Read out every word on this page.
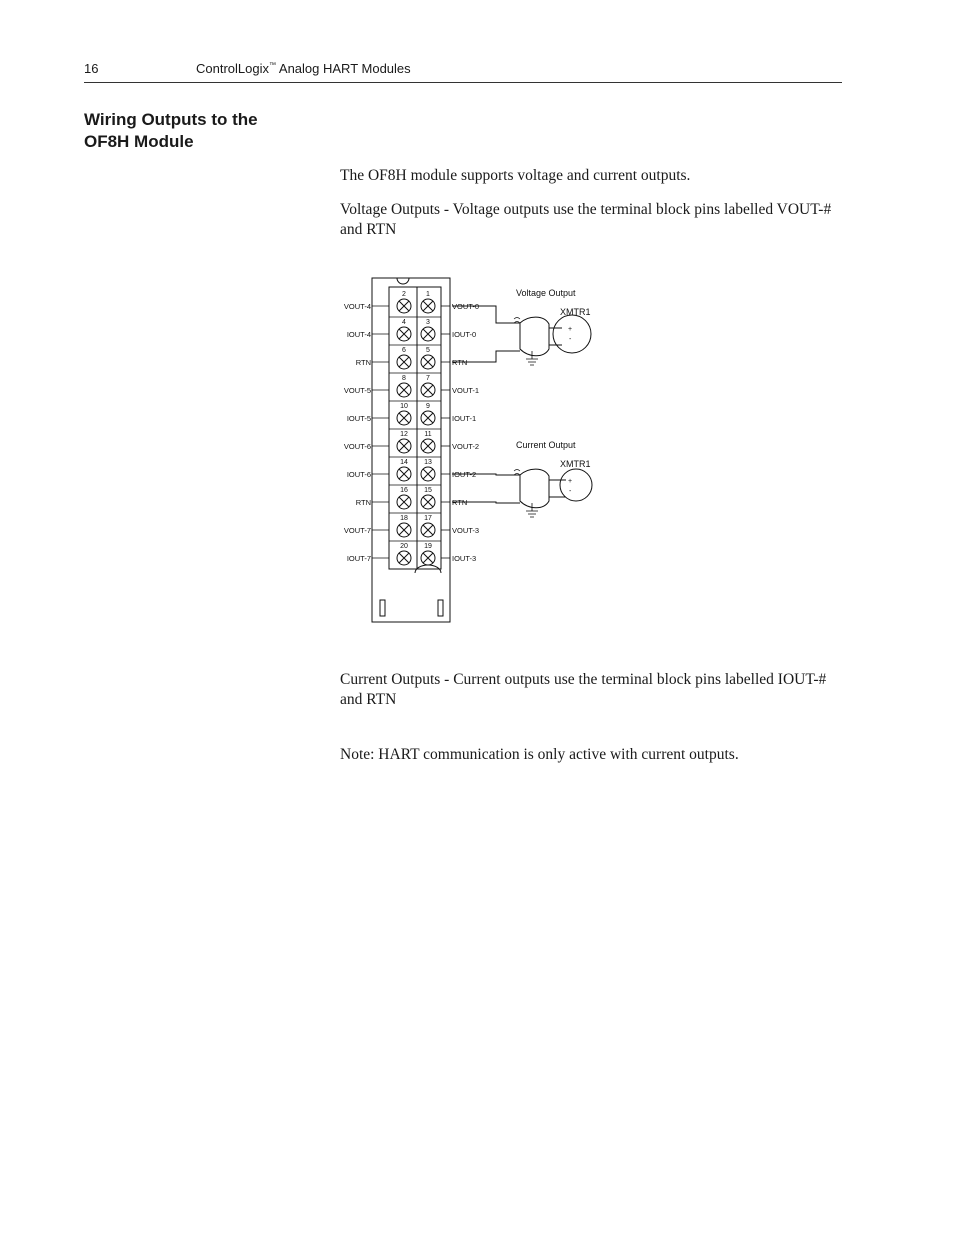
16	ControlLogix™ Analog HART Modules
Wiring Outputs to the
OF8H Module

The OF8H module supports voltage and current outputs.

Voltage Outputs - Voltage outputs use the terminal block pins labelled VOUT-# and RTN

2	1
VOUT-4	VOUT-0
4	3
IOUT-4	IOUT-0
6	5
RTN	RTN
8	7
VOUT-5	VOUT-1
10	9
IOUT-5	IOUT-1
12 11
VOUT-6	VOUT-2
14 13
IOUT-6	IOUT-2
16 15
RTN	RTN
18 17
VOUT-7	VOUT-3
20 19
IOUT-7	IOUT-3
Voltage Output
XMTR1
+
-
Current Output
XMTR1
+
-

Current Outputs - Current outputs use the terminal block pins labelled IOUT-# and RTN

Note: HART communication is only active with current outputs.
